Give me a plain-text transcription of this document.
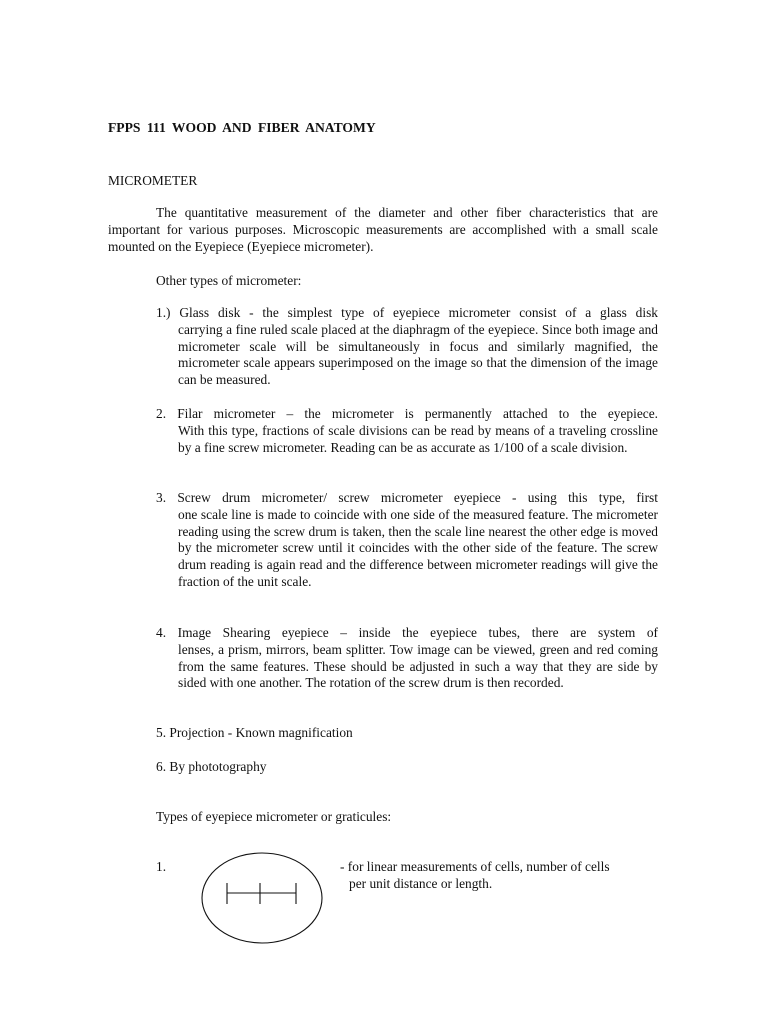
FPPS 111 WOOD AND FIBER ANATOMY
MICROMETER
The quantitative measurement of the diameter and other fiber characteristics that are important for various purposes. Microscopic measurements are accomplished with a small scale mounted on the Eyepiece (Eyepiece micrometer).
Other types of micrometer:
1.) Glass disk - the simplest type of eyepiece micrometer consist of a glass disk
carrying a fine ruled scale placed at the diaphragm of the eyepiece. Since both image and micrometer scale will be simultaneously in focus and similarly magnified, the micrometer scale appears superimposed on the image so that the dimension of the image can be measured.
2. Filar micrometer – the micrometer is permanently attached to the eyepiece.
With this type, fractions of scale divisions can be read by means of a traveling crossline by a fine screw micrometer. Reading can be as accurate as 1/100 of a scale division.
3. Screw drum micrometer/ screw micrometer eyepiece - using this type, first
one scale line is made to coincide with one side of the measured feature. The micrometer reading using the screw drum is taken, then the scale line nearest the other edge is moved by the micrometer screw until it coincides with the other side of the feature. The screw drum reading is again read and the difference between micrometer readings will give the fraction of the unit scale.
4. Image Shearing eyepiece – inside the eyepiece tubes, there are system of
lenses, a prism, mirrors, beam splitter. Tow image can be viewed, green and red coming from the same features. These should be adjusted in such a way that they are side by sided with one another. The rotation of the screw drum is then recorded.
5. Projection - Known magnification
6. By phototography
Types of eyepiece micrometer or graticules:
1.	- for linear measurements of cells, number of cells
per unit distance or length.
